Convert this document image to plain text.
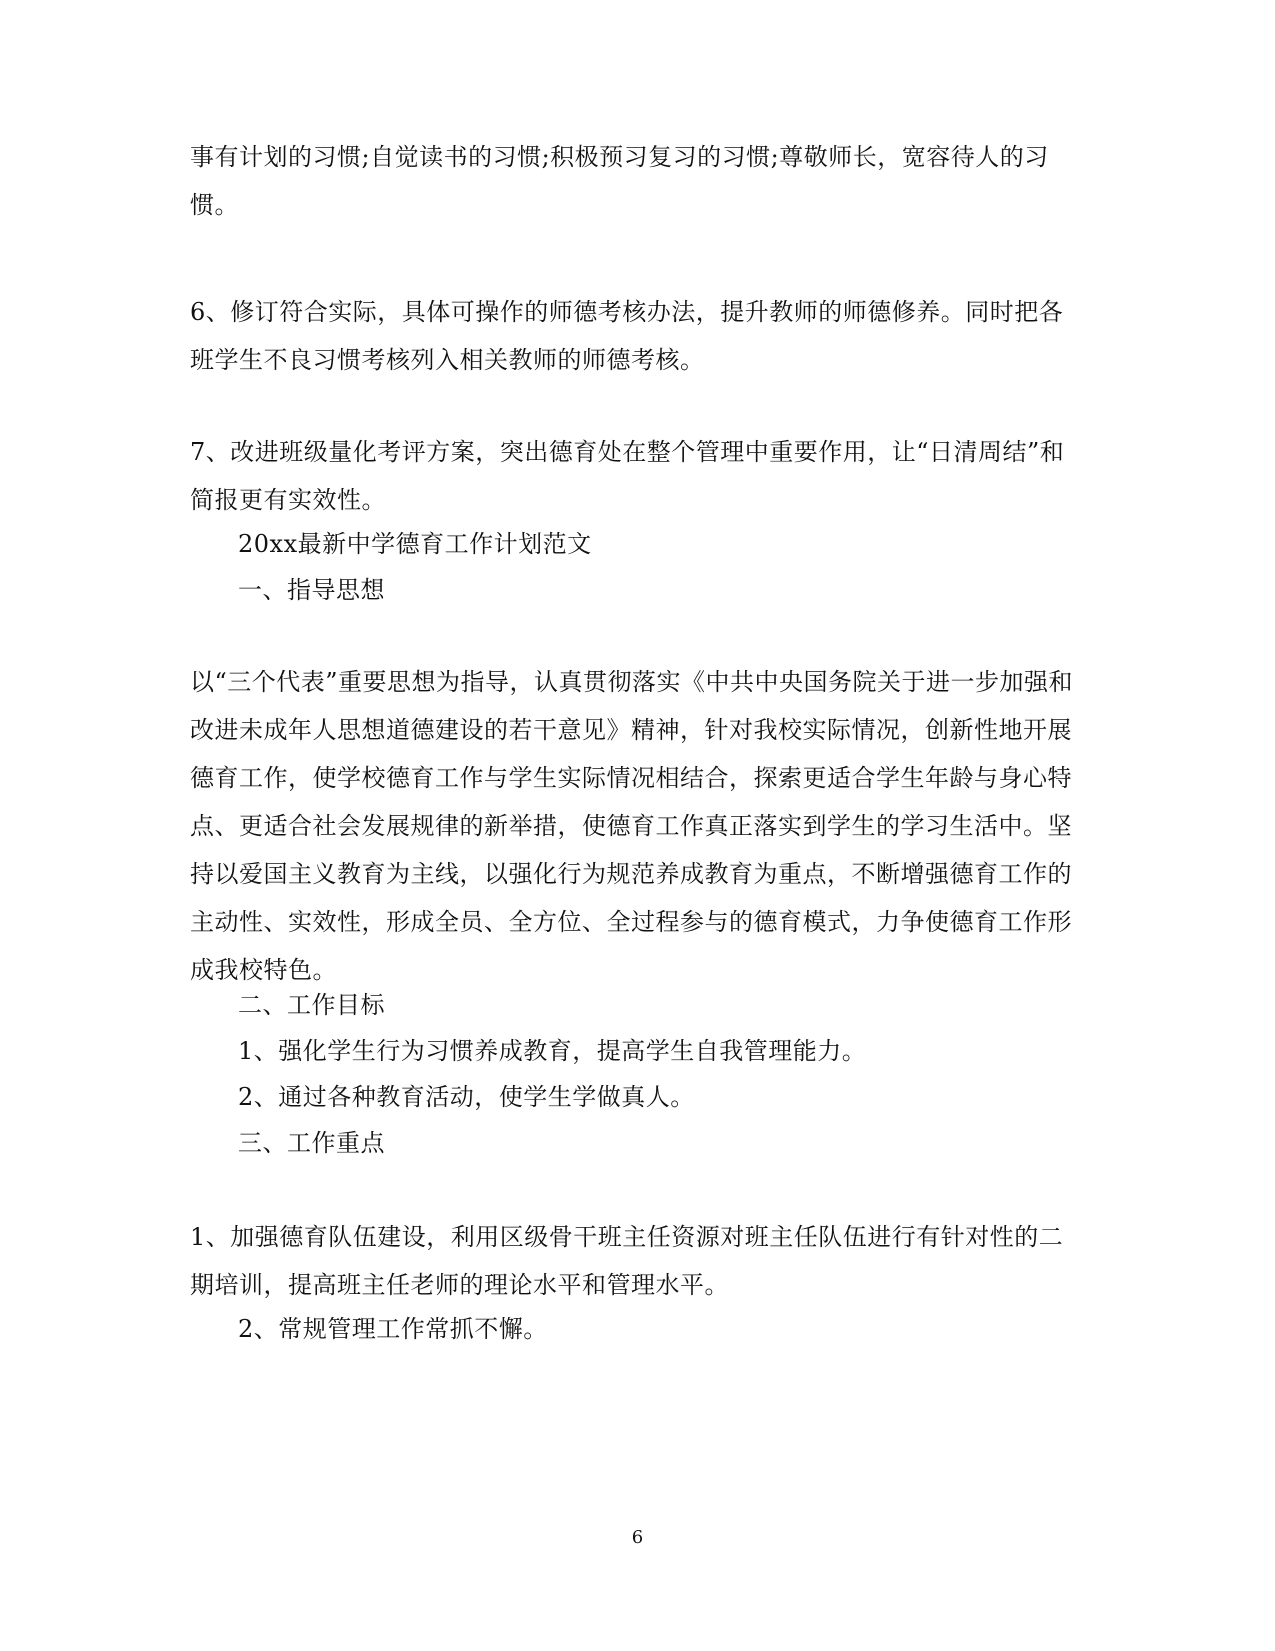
事有计划的习惯;自觉读书的习惯;积极预习复习的习惯;尊敬师长，宽容待人的习惯。

6、修订符合实际，具体可操作的师德考核办法，提升教师的师德修养。同时把各班学生不良习惯考核列入相关教师的师德考核。

7、改进班级量化考评方案，突出德育处在整个管理中重要作用，让“日清周结”和简报更有实效性。

20xx最新中学德育工作计划范文

一、指导思想

以“三个代表”重要思想为指导，认真贯彻落实《中共中央国务院关于进一步加强和改进未成年人思想道德建设的若干意见》精神，针对我校实际情况，创新性地开展德育工作，使学校德育工作与学生实际情况相结合，探索更适合学生年龄与身心特点、更适合社会发展规律的新举措，使德育工作真正落实到学生的学习生活中。坚持以爱国主义教育为主线，以强化行为规范养成教育为重点，不断增强德育工作的主动性、实效性，形成全员、全方位、全过程参与的德育模式，力争使德育工作形成我校特色。

二、工作目标

1、强化学生行为习惯养成教育，提高学生自我管理能力。

2、通过各种教育活动，使学生学做真人。

三、工作重点

1、加强德育队伍建设，利用区级骨干班主任资源对班主任队伍进行有针对性的二期培训，提高班主任老师的理论水平和管理水平。

2、常规管理工作常抓不懈。

6
